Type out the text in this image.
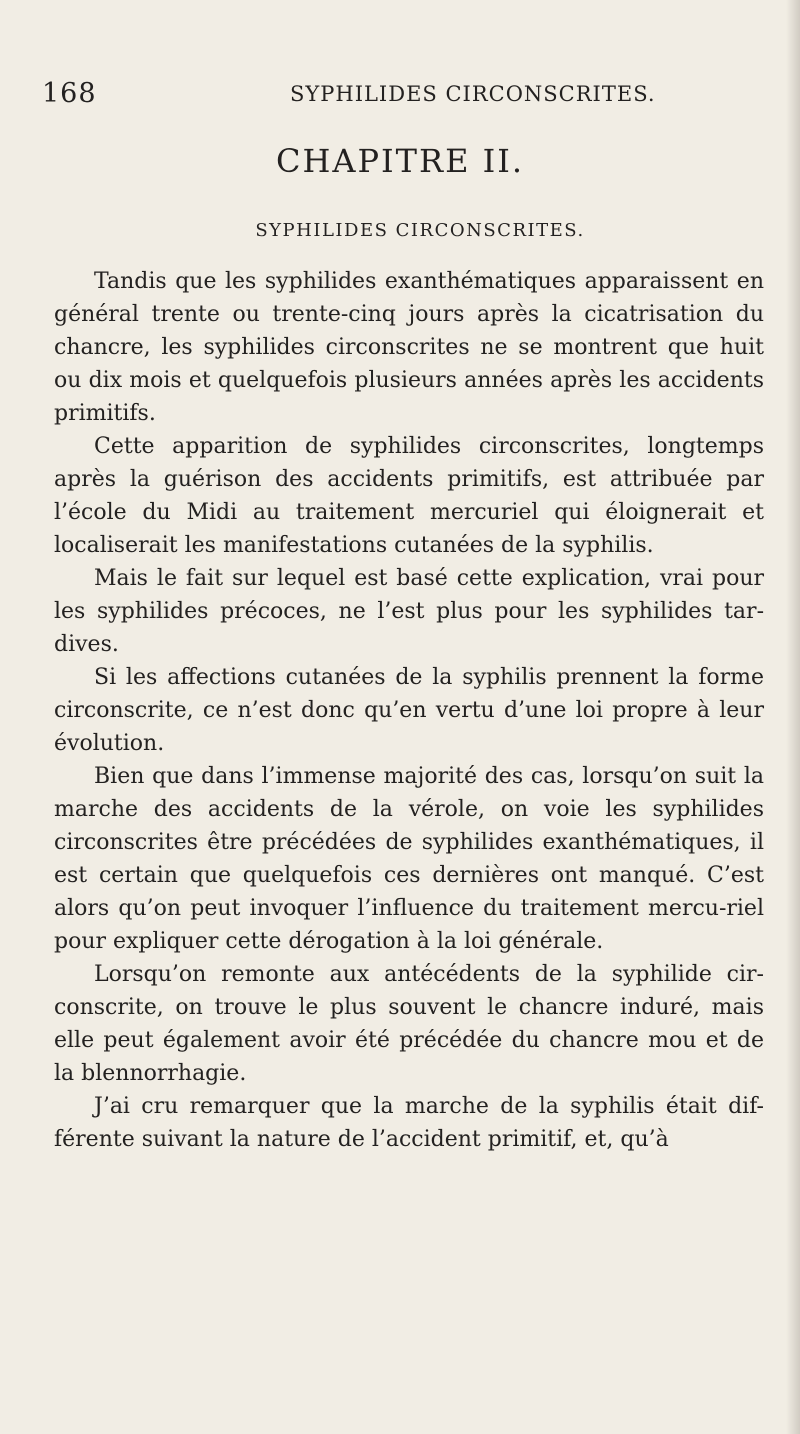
168	SYPHILIDES CIRCONSCRITES.
CHAPITRE II.
SYPHILIDES CIRCONSCRITES.

Tandis que les syphilides exanthématiques apparaissent en général trente ou trente-cinq jours après la cicatrisation du chancre, les syphilides circonscrites ne se montrent que huit ou dix mois et quelquefois plusieurs années après les accidents primitifs.

Cette apparition de syphilides circonscrites, longtemps après la guérison des accidents primitifs, est attribuée par l’école du Midi au traitement mercuriel qui éloignerait et localiserait les manifestations cutanées de la syphilis.

Mais le fait sur lequel est basé cette explication, vrai pour les syphilides précoces, ne l’est plus pour les syphilides tar-dives.

Si les affections cutanées de la syphilis prennent la forme circonscrite, ce n’est donc qu’en vertu d’une loi propre à leur évolution.

Bien que dans l’immense majorité des cas, lorsqu’on suit la marche des accidents de la vérole, on voie les syphilides circonscrites être précédées de syphilides exanthématiques, il est certain que quelquefois ces dernières ont manqué. C’est alors qu’on peut invoquer l’influence du traitement mercu-riel pour expliquer cette dérogation à la loi générale.

Lorsqu’on remonte aux antécédents de la syphilide cir-conscrite, on trouve le plus souvent le chancre induré, mais elle peut également avoir été précédée du chancre mou et de la blennorrhagie.

J’ai cru remarquer que la marche de la syphilis était dif-férente suivant la nature de l’accident primitif, et, qu’à
